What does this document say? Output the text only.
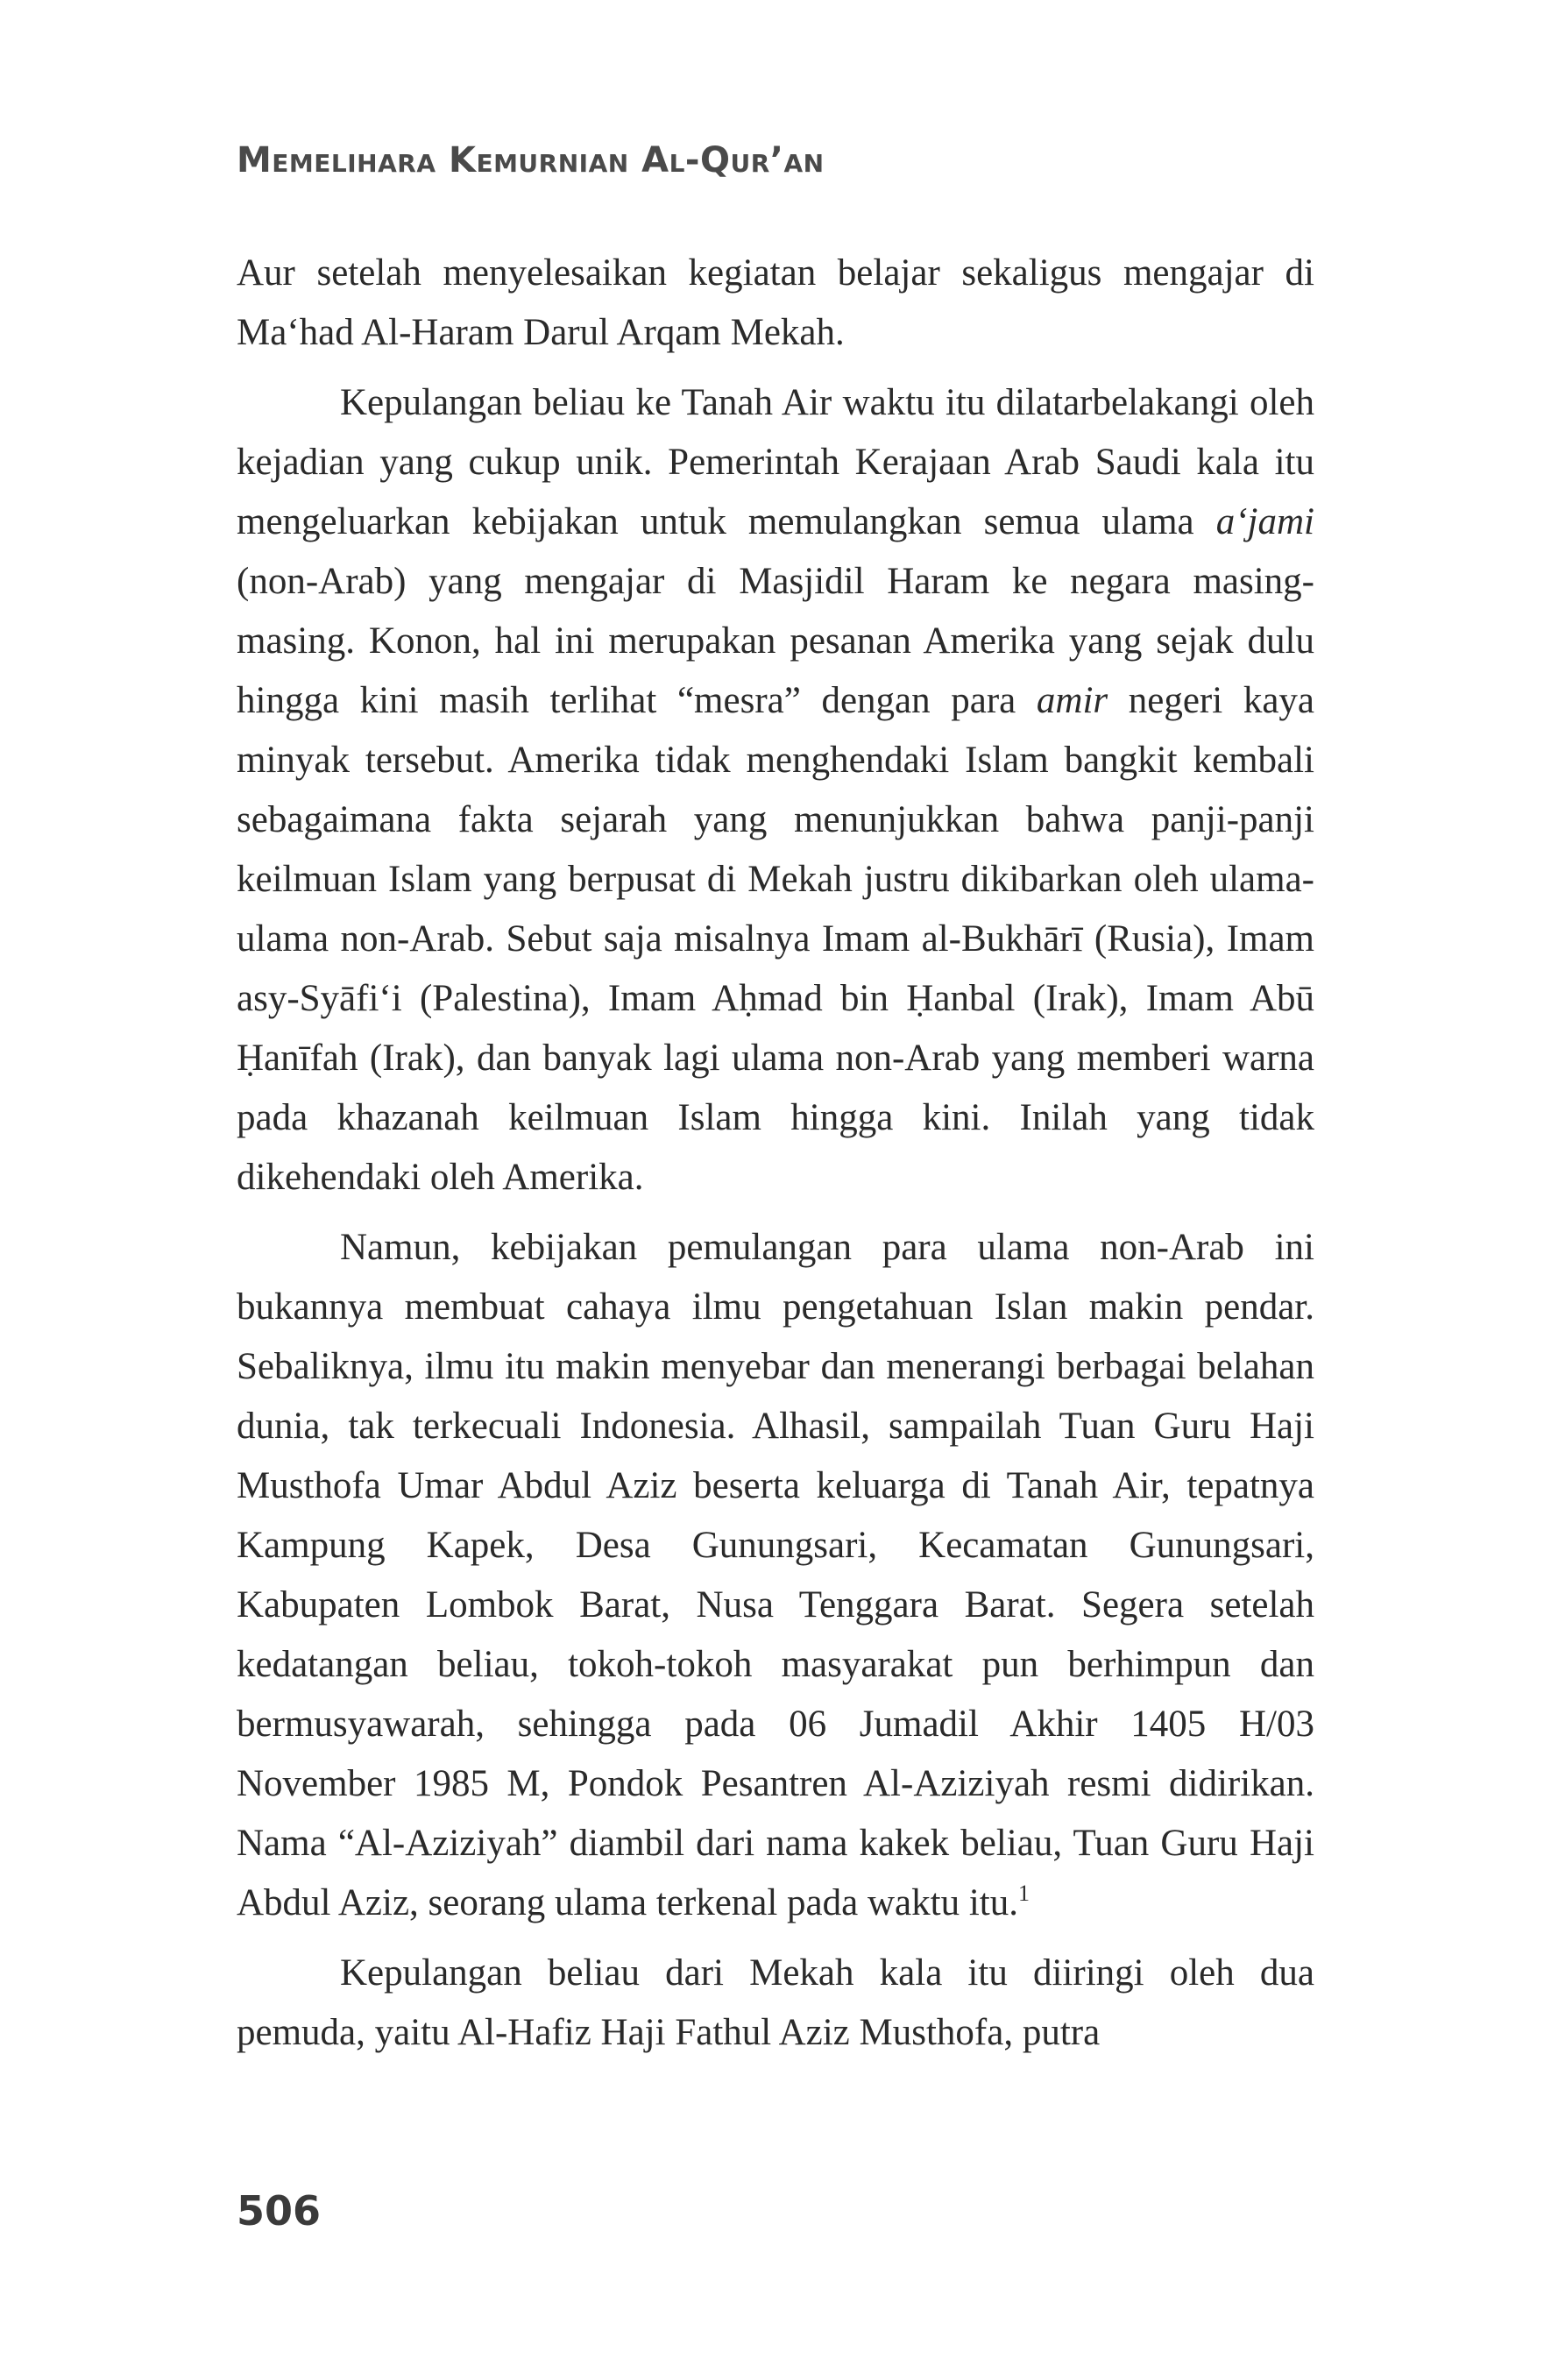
Memelihara Kemurnian Al-Qur’an

Aur setelah menyelesaikan kegiatan belajar sekaligus mengajar di Ma‘had Al-Haram Darul Arqam Mekah.

Kepulangan beliau ke Tanah Air waktu itu dilatarbelakangi oleh kejadian yang cukup unik. Pemerintah Kerajaan Arab Saudi kala itu mengeluarkan kebijakan untuk memulangkan semua ulama a‘jami (non-Arab) yang mengajar di Masjidil Haram ke negara masing-masing. Konon, hal ini merupakan pesanan Amerika yang sejak dulu hingga kini masih terlihat “mesra” dengan para amir negeri kaya minyak tersebut. Amerika tidak menghendaki Islam bangkit kembali sebagaimana fakta sejarah yang menunjukkan bahwa panji-panji keilmuan Islam yang berpusat di Mekah justru dikibarkan oleh ulama-ulama non-Arab. Sebut saja misalnya Imam al-Bukhārī (Rusia), Imam asy-Syāfi‘i (Palestina), Imam Aḥmad bin Ḥanbal (Irak), Imam Abū Ḥanīfah (Irak), dan banyak lagi ulama non-Arab yang memberi warna pada khazanah keilmuan Islam hingga kini. Inilah yang tidak dikehendaki oleh Amerika.

Namun, kebijakan pemulangan para ulama non-Arab ini bukannya membuat cahaya ilmu pengetahuan Islan makin pendar. Sebaliknya, ilmu itu makin menyebar dan menerangi berbagai belahan dunia, tak terkecuali Indonesia. Alhasil, sampailah Tuan Guru Haji Musthofa Umar Abdul Aziz beserta keluarga di Tanah Air, tepatnya Kampung Kapek, Desa Gunungsari, Kecamatan Gunungsari, Kabupaten Lombok Barat, Nusa Tenggara Barat. Segera setelah kedatangan beliau, tokoh-tokoh masyarakat pun berhimpun dan bermusyawarah, sehingga pada 06 Jumadil Akhir 1405 H/03 November 1985 M, Pondok Pesantren Al-Aziziyah resmi didirikan. Nama “Al-Aziziyah” diambil dari nama kakek beliau, Tuan Guru Haji Abdul Aziz, seorang ulama terkenal pada waktu itu.$^1$

Kepulangan beliau dari Mekah kala itu diiringi oleh dua pemuda, yaitu Al-Hafiz Haji Fathul Aziz Musthofa, putra

506
